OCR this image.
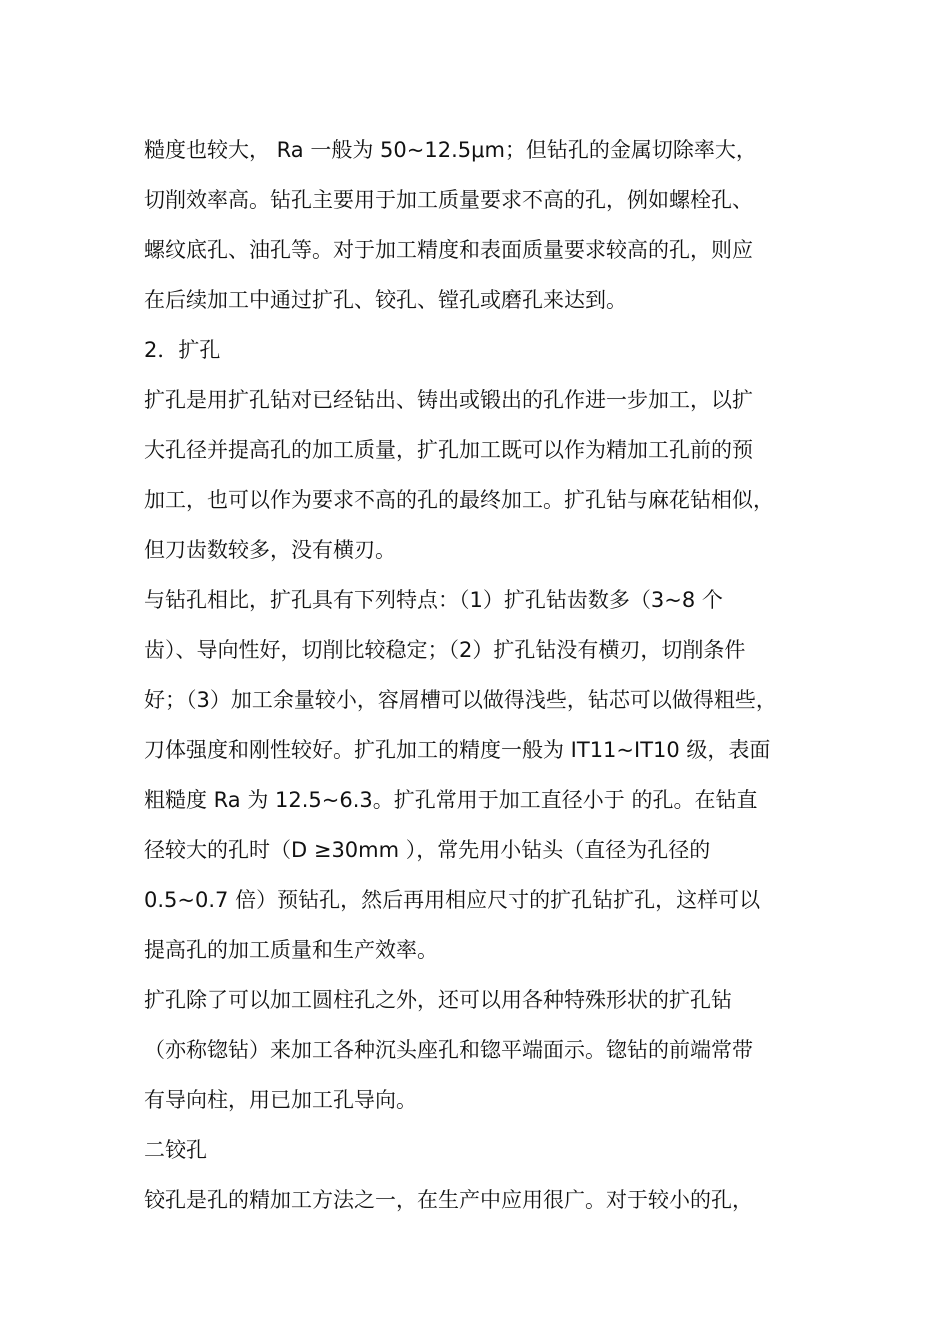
糙度也较大， Ra 一般为 50~12.5μm；但钻孔的金属切除率大，
切削效率高。钻孔主要用于加工质量要求不高的孔，例如螺栓孔、
螺纹底孔、油孔等。对于加工精度和表面质量要求较高的孔，则应
在后续加工中通过扩孔、铰孔、镗孔或磨孔来达到。
2．扩孔
扩孔是用扩孔钻对已经钻出、铸出或锻出的孔作进一步加工，以扩
大孔径并提高孔的加工质量，扩孔加工既可以作为精加工孔前的预
加工，也可以作为要求不高的孔的最终加工。扩孔钻与麻花钻相似，
但刀齿数较多，没有横刃。
与钻孔相比，扩孔具有下列特点：（1）扩孔钻齿数多（3~8 个
齿）、导向性好，切削比较稳定；（2）扩孔钻没有横刃，切削条件
好；（3）加工余量较小，容屑槽可以做得浅些，钻芯可以做得粗些，
刀体强度和刚性较好。扩孔加工的精度一般为 IT11~IT10 级，表面
粗糙度 Ra 为 12.5~6.3。扩孔常用于加工直径小于 的孔。在钻直
径较大的孔时（D ≥30mm ），常先用小钻头（直径为孔径的
0.5~0.7 倍）预钻孔，然后再用相应尺寸的扩孔钻扩孔，这样可以
提高孔的加工质量和生产效率。
扩孔除了可以加工圆柱孔之外，还可以用各种特殊形状的扩孔钻
（亦称锪钻）来加工各种沉头座孔和锪平端面示。锪钻的前端常带
有导向柱，用已加工孔导向。
二铰孔
铰孔是孔的精加工方法之一，在生产中应用很广。对于较小的孔，
